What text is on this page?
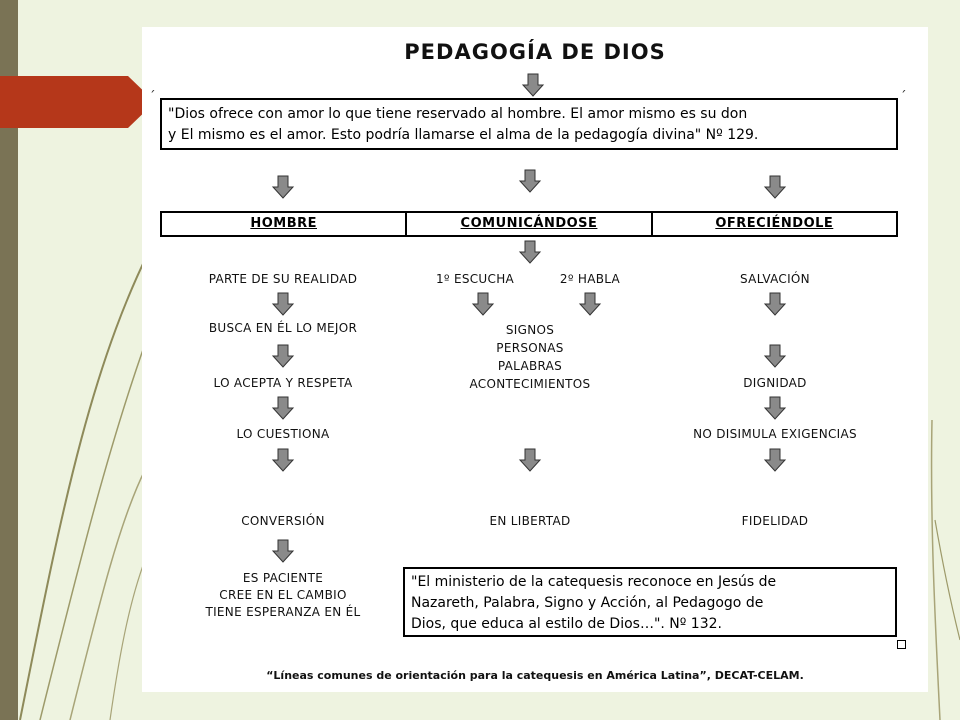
PEDAGOGÍA DE DIOS
ˊ	ˊ
"Dios ofrece con amor lo que tiene reservado al hombre. El amor mismo es su don
y El mismo es el amor. Esto podría llamarse el alma de la pedagogía divina" Nº 129.
HOMBRE	COMUNICÁNDOSE	OFRECIÉNDOLE
PARTE DE SU REALIDAD
BUSCA EN ÉL LO MEJOR
LO ACEPTA Y RESPETA
LO CUESTIONA
CONVERSIÓN
ES PACIENTE
CREE EN EL CAMBIO
TIENE ESPERANZA EN ÉL
1º ESCUCHA	2º HABLA
SIGNOS
PERSONAS
PALABRAS
ACONTECIMIENTOS
EN LIBERTAD
SALVACIÓN
DIGNIDAD
NO DISIMULA EXIGENCIAS
FIDELIDAD
"El ministerio de la catequesis reconoce en Jesús de
Nazareth, Palabra, Signo y Acción, al Pedagogo de
Dios, que educa al estilo de Dios…". Nº 132.
“Líneas comunes de orientación para la catequesis en América Latina”, DECAT-CELAM.
